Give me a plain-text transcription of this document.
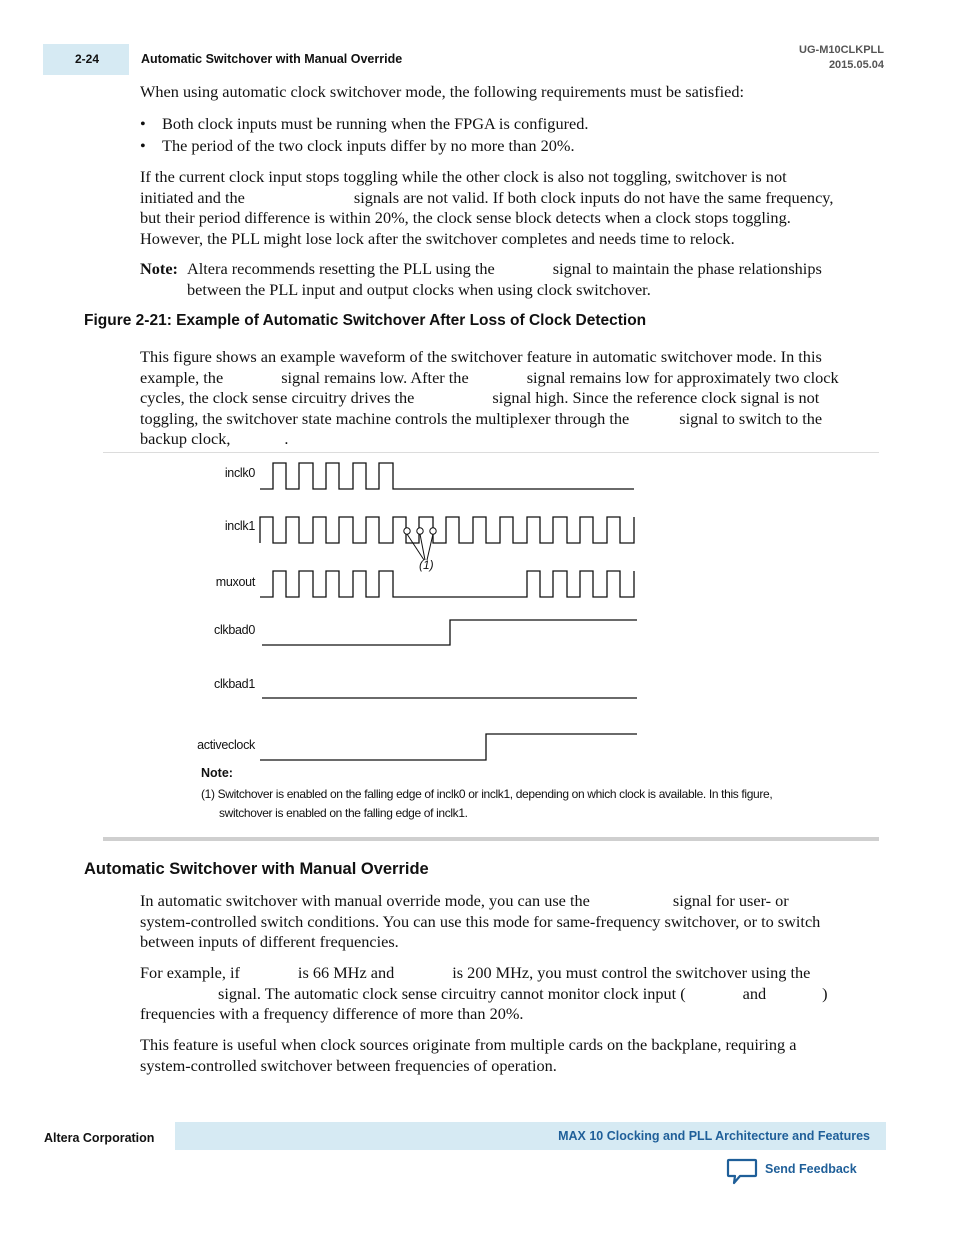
2-24	Automatic Switchover with Manual Override
UG-M10CLKPLL
2015.05.04
When using automatic clock switchover mode, the following requirements must be satisfied:
• Both clock inputs must be running when the FPGA is configured.
• The period of the two clock inputs differ by no more than 20%.
If the current clock input stops toggling while the other clock is also not toggling, switchover is not
initiated and the	signals are not valid. If both clock inputs do not have the same frequency,
but their period difference is within 20%, the clock sense block detects when a clock stops toggling.
However, the PLL might lose lock after the switchover completes and needs time to relock.
Note: Altera recommends resetting the PLL using the	signal to maintain the phase relationships
between the PLL input and output clocks when using clock switchover.
Figure 2-21: Example of Automatic Switchover After Loss of Clock Detection
This figure shows an example waveform of the switchover feature in automatic switchover mode. In this
example, the	signal remains low. After the	signal remains low for approximately two clock
cycles, the clock sense circuitry drives the	signal high. Since the reference clock signal is not
toggling, the switchover state machine controls the multiplexer through the	signal to switch to the
backup clock,	.
inclk0
inclk1
muxout
clkbad0
clkbad1
activeclock
(1)
Note:
(1) Switchover is enabled on the falling edge of inclk0 or inclk1, depending on which clock is available. In this figure,
switchover is enabled on the falling edge of inclk1.
Automatic Switchover with Manual Override
In automatic switchover with manual override mode, you can use the	signal for user- or
system-controlled switch conditions. You can use this mode for same-frequency switchover, or to switch
between inputs of different frequencies.
For example, if	is 66 MHz and	is 200 MHz, you must control the switchover using the
signal. The automatic clock sense circuitry cannot monitor clock input (	and	)
frequencies with a frequency difference of more than 20%.
This feature is useful when clock sources originate from multiple cards on the backplane, requiring a
system-controlled switchover between frequencies of operation.
Altera Corporation	MAX 10 Clocking and PLL Architecture and Features
Send Feedback
